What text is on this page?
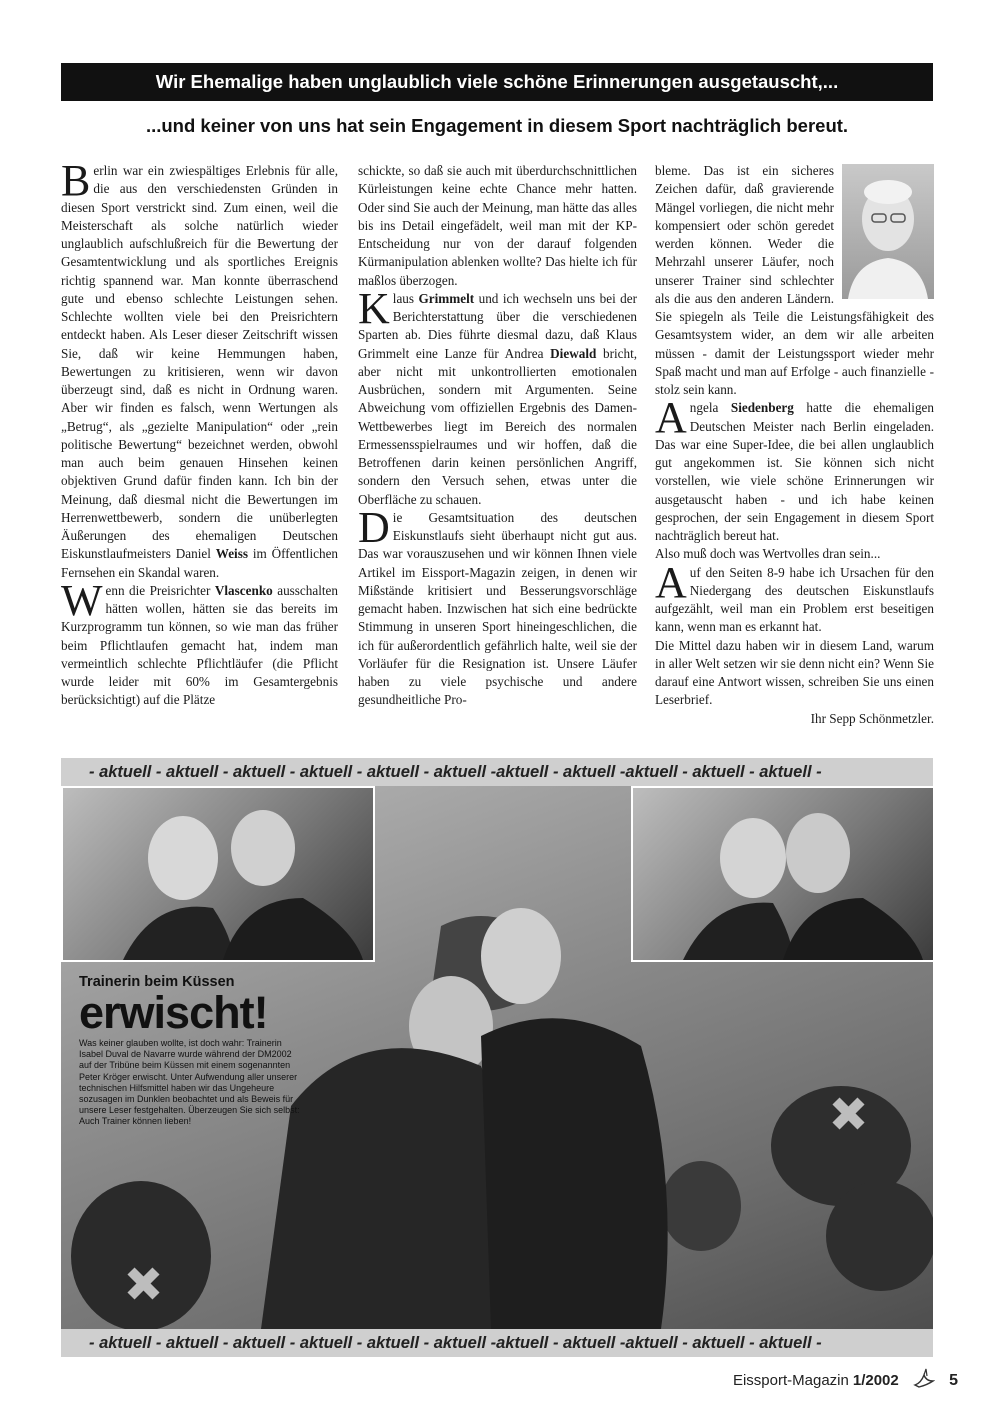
Wir Ehemalige haben unglaublich viele schöne Erinnerungen ausgetauscht,...
...und keiner von uns hat sein Engagement in diesem Sport nachträglich bereut.

Berlin war ein zwiespältiges Erlebnis für alle, die aus den verschiedensten Gründen in diesen Sport verstrickt sind. Zum einen, weil die Meisterschaft als solche natürlich wieder unglaublich aufschlußreich für die Bewertung der Gesamtentwicklung und als sportliches Ereignis richtig spannend war. Man konnte überraschend gute und ebenso schlechte Leistungen sehen. Schlechte wollten viele bei den Preisrichtern entdeckt haben. Als Leser dieser Zeitschrift wissen Sie, daß wir keine Hemmungen haben, Bewertungen zu kritisieren, wenn wir davon überzeugt sind, daß es nicht in Ordnung waren. Aber wir finden es falsch, wenn Wertungen als „Betrug“, als „gezielte Manipulation“ oder „rein politische Bewertung“ bezeichnet werden, obwohl man auch beim genauen Hinsehen keinen objektiven Grund dafür finden kann. Ich bin der Meinung, daß diesmal nicht die Bewertungen im Herrenwettbewerb, sondern die unüberlegten Äußerungen des ehemaligen Deutschen Eiskunstlaufmeisters Daniel Weiss im Öffentlichen Fernsehen ein Skandal waren.

Wenn die Preisrichter Vlascenko ausschalten hätten wollen, hätten sie das bereits im Kurzprogramm tun können, so wie man das früher beim Pflichtlaufen gemacht hat, indem man vermeintlich schlechte Pflichtläufer (die Pflicht wurde leider mit 60% im Gesamtergebnis berücksichtigt) auf die Plätze

schickte, so daß sie auch mit überdurchschnittlichen Kürleistungen keine echte Chance mehr hatten. Oder sind Sie auch der Meinung, man hätte das alles bis ins Detail eingefädelt, weil man mit der KP-Entscheidung nur von der darauf folgenden Kürmanipulation ablenken wollte? Das hielte ich für maßlos überzogen.

Klaus Grimmelt und ich wechseln uns bei der Berichterstattung über die verschiedenen Sparten ab. Dies führte diesmal dazu, daß Klaus Grimmelt eine Lanze für Andrea Diewald bricht, aber nicht mit unkontrollierten emotionalen Ausbrüchen, sondern mit Argumenten. Seine Abweichung vom offiziellen Ergebnis des Damen-Wettbewerbes liegt im Bereich des normalen Ermessensspielraumes und wir hoffen, daß die Betroffenen darin keinen persönlichen Angriff, sondern den Versuch sehen, etwas unter die Oberfläche zu schauen.

Die Gesamtsituation des deutschen Eiskunstlaufs sieht überhaupt nicht gut aus. Das war vorauszusehen und wir können Ihnen viele Artikel im Eissport-Magazin zeigen, in denen wir Mißstände kritisiert und Besserungsvorschläge gemacht haben. Inzwischen hat sich eine bedrückte Stimmung in unseren Sport hineingeschlichen, die ich für außerordentlich gefährlich halte, weil sie der Vorläufer für die Resignation ist. Unsere Läufer haben zu viele psychische und andere gesundheitliche Pro-

bleme. Das ist ein sicheres Zeichen dafür, daß gravierende Mängel vorliegen, die nicht mehr kompensiert oder schön geredet werden können. Weder die Mehrzahl unserer Läufer, noch unserer Trainer sind schlechter als die aus den anderen Ländern. Sie spiegeln als Teile die Leistungsfähigkeit des Gesamtsystem wider, an dem wir alle arbeiten müssen - damit der Leistungssport wieder mehr Spaß macht und man auf Erfolge - auch finanzielle - stolz sein kann.

Angela Siedenberg hatte die ehemaligen Deutschen Meister nach Berlin eingeladen. Das war eine Super-Idee, die bei allen unglaublich gut angekommen ist. Sie können sich nicht vorstellen, wie viele schöne Erinnerungen wir ausgetauscht haben - und ich habe keinen gesprochen, der sein Engagement in diesem Sport nachträglich bereut hat.

Also muß doch was Wertvolles dran sein...

Auf den Seiten 8-9 habe ich Ursachen für den Niedergang des deutschen Eiskunstlaufs aufgezählt, weil man ein Problem erst beseitigen kann, wenn man es erkannt hat.

Die Mittel dazu haben wir in diesem Land, warum in aller Welt setzen wir sie denn nicht ein? Wenn Sie darauf eine Antwort wissen, schreiben Sie uns einen Leserbrief.

Ihr Sepp Schönmetzler.

- aktuell - aktuell - aktuell - aktuell - aktuell - aktuell -aktuell - aktuell -aktuell - aktuell - aktuell -
Trainerin beim Küssen
erwischt!
Was keiner glauben wollte, ist doch wahr: Trainerin Isabel Duval de Navarre wurde während der DM2002 auf der Tribüne beim Küssen mit einem sogenannten Peter Kröger erwischt. Unter Aufwendung aller unserer technischen Hilfsmittel haben wir das Ungeheure sozusagen im Dunklen beobachtet und als Beweis für unsere Leser festgehalten. Überzeugen Sie sich selbst: Auch Trainer können lieben!
- aktuell - aktuell - aktuell - aktuell - aktuell - aktuell -aktuell - aktuell -aktuell - aktuell - aktuell -
Eissport-Magazin 1/2002	5
